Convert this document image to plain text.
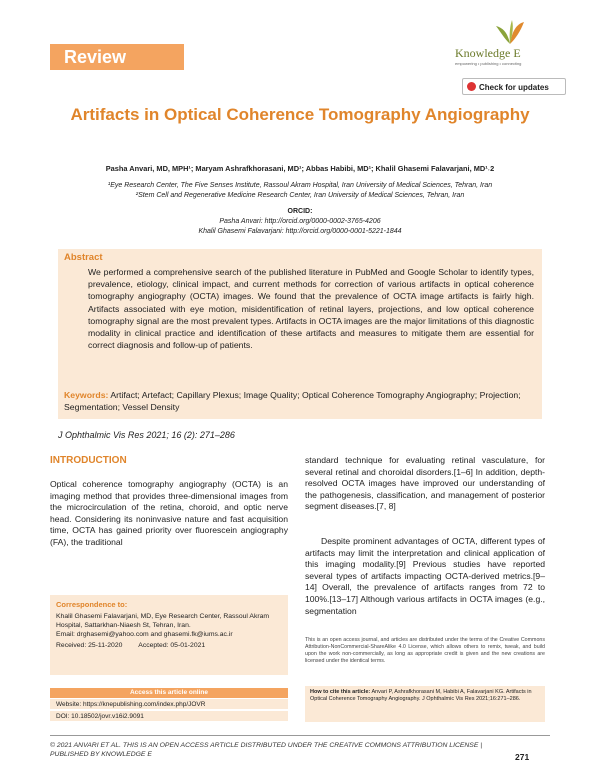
Review Article
Knowledge E
empowering • publishing • connecting
Check for updates
Artifacts in Optical Coherence Tomography Angiography
Pasha Anvari, MD, MPH¹; Maryam Ashrafkhorasani, MD¹; Abbas Habibi, MD¹; Khalil Ghasemi Falavarjani, MD¹˒2
¹Eye Research Center, The Five Senses Institute, Rassoul Akram Hospital, Iran University of Medical Sciences, Tehran, Iran
²Stem Cell and Regenerative Medicine Research Center, Iran University of Medical Sciences, Tehran, Iran
ORCID:
Pasha Anvari: http://orcid.org/0000-0002-3765-4206
Khalil Ghasemi Falavarjani: http://orcid.org/0000-0001-5221-1844
Abstract
We performed a comprehensive search of the published literature in PubMed and Google Scholar to identify types, prevalence, etiology, clinical impact, and current methods for correction of various artifacts in optical coherence tomography angiography (OCTA) images. We found that the prevalence of OCTA image artifacts is fairly high. Artifacts associated with eye motion, misidentification of retinal layers, projections, and low optical coherence tomography signal are the most prevalent types. Artifacts in OCTA images are the major limitations of this diagnostic modality in clinical practice and identification of these artifacts and measures to mitigate them are essential for correct diagnosis and follow-up of patients.
Keywords: Artifact; Artefact; Capillary Plexus; Image Quality; Optical Coherence Tomography Angiography; Projection; Segmentation; Vessel Density
J Ophthalmic Vis Res 2021; 16 (2): 271–286
INTRODUCTION
Optical coherence tomography angiography (OCTA) is an imaging method that provides three-dimensional images from the microcirculation of the retina, choroid, and optic nerve head. Considering its noninvasive nature and fast acquisition time, OCTA has gained priority over fluorescein angiography (FA), the traditional
standard technique for evaluating retinal vasculature, for several retinal and choroidal disorders.[1–6] In addition, depth-resolved OCTA images have improved our understanding of the pathogenesis, classification, and management of posterior segment diseases.[7, 8]
Despite prominent advantages of OCTA, different types of artifacts may limit the interpretation and clinical application of this imaging modality.[9] Previous studies have reported several types of artifacts impacting OCTA-derived metrics.[9–14] Overall, the prevalence of artifacts ranges from 72 to 100%.[13–17] Although various artifacts in OCTA images (e.g., segmentation
Correspondence to:
Khalil Ghasemi Falavarjani, MD, Eye Research Center, Rassoul Akram Hospital, Sattarkhan-Niaesh St, Tehran, Iran.
Email: drghasemi@yahoo.com and ghasemi.fk@iums.ac.ir
Received: 25-11-2020 Accepted: 05-01-2021
Access this article online
Website: https://knepublishing.com/index.php/JOVR
DOI: 10.18502/jovr.v16i2.9091
This is an open access journal, and articles are distributed under the terms of the Creative Commons Attribution-NonCommercial-ShareAlike 4.0 License, which allows others to remix, tweak, and build upon the work non-commercially, as long as appropriate credit is given and the new creations are licensed under the identical terms.
How to cite this article: Anvari P, Ashrafkhorasani M, Habibi A, Falavarjani KG. Artifacts in Optical Coherence Tomography Angiography. J Ophthalmic Vis Res 2021;16:271–286.
© 2021 ANVARI ET AL. THIS IS AN OPEN ACCESS ARTICLE DISTRIBUTED UNDER THE CREATIVE COMMONS ATTRIBUTION LICENSE | PUBLISHED BY KNOWLEDGE E	271
